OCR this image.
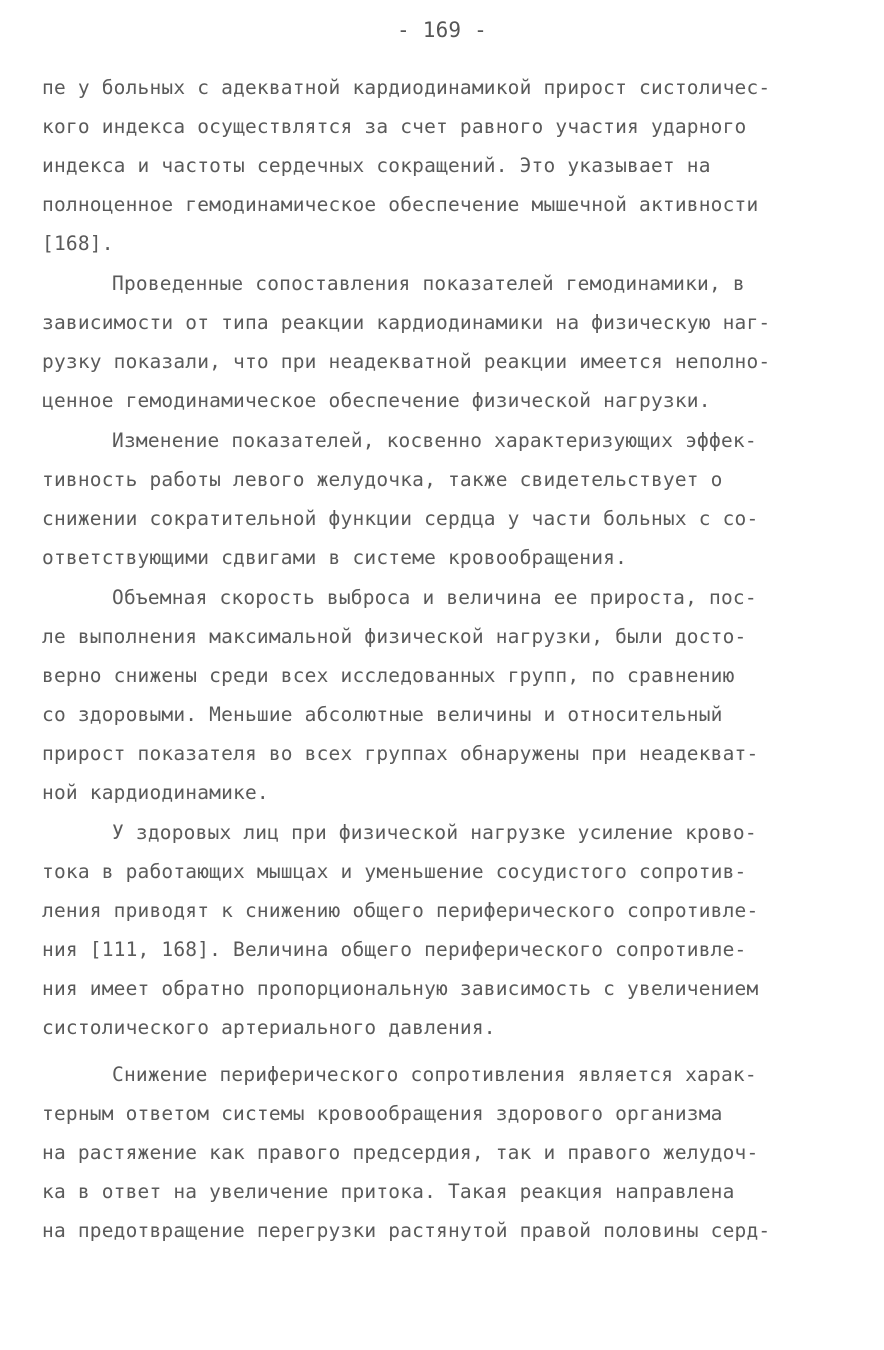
- 169 -
пе у больных с адекватной кардиодинамикой прирост систоличес-
кого индекса осуществлятся за счет равного участия ударного
индекса и частоты сердечных сокращений. Это указывает на
полноценное гемодинамическое обеспечение мышечной активности
[168].
Проведенные сопоставления показателей гемодинамики, в
зависимости от типа реакции кардиодинамики на физическую наг-
рузку показали, что при неадекватной реакции имеется неполно-
ценное гемодинамическое обеспечение физической нагрузки.
Изменение показателей, косвенно характеризующих эффек-
тивность работы левого желудочка, также свидетельствует о
снижении сократительной функции сердца у части больных с со-
ответствующими сдвигами в системе кровообращения.
Объемная скорость выброса и величина ее прироста, пос-
ле выполнения максимальной физической нагрузки, были досто-
верно снижены среди всех исследованных групп, по сравнению
со здоровыми. Меньшие абсолютные величины и относительный
прирост показателя во всех группах обнаружены при неадекват-
ной кардиодинамике.
У здоровых лиц при физической нагрузке усиление крово-
тока в работающих мышцах и уменьшение сосудистого сопротив-
ления приводят к снижению общего периферического сопротивле-
ния [111, 168]. Величина общего периферического сопротивле-
ния имеет обратно пропорциональную зависимость с увеличением
систолического артериального давления.
Снижение периферического сопротивления является харак-
терным ответом системы кровообращения здорового организма
на растяжение как правого предсердия, так и правого желудоч-
ка в ответ на увеличение притока. Такая реакция направлена
на предотвращение перегрузки растянутой правой половины серд-
